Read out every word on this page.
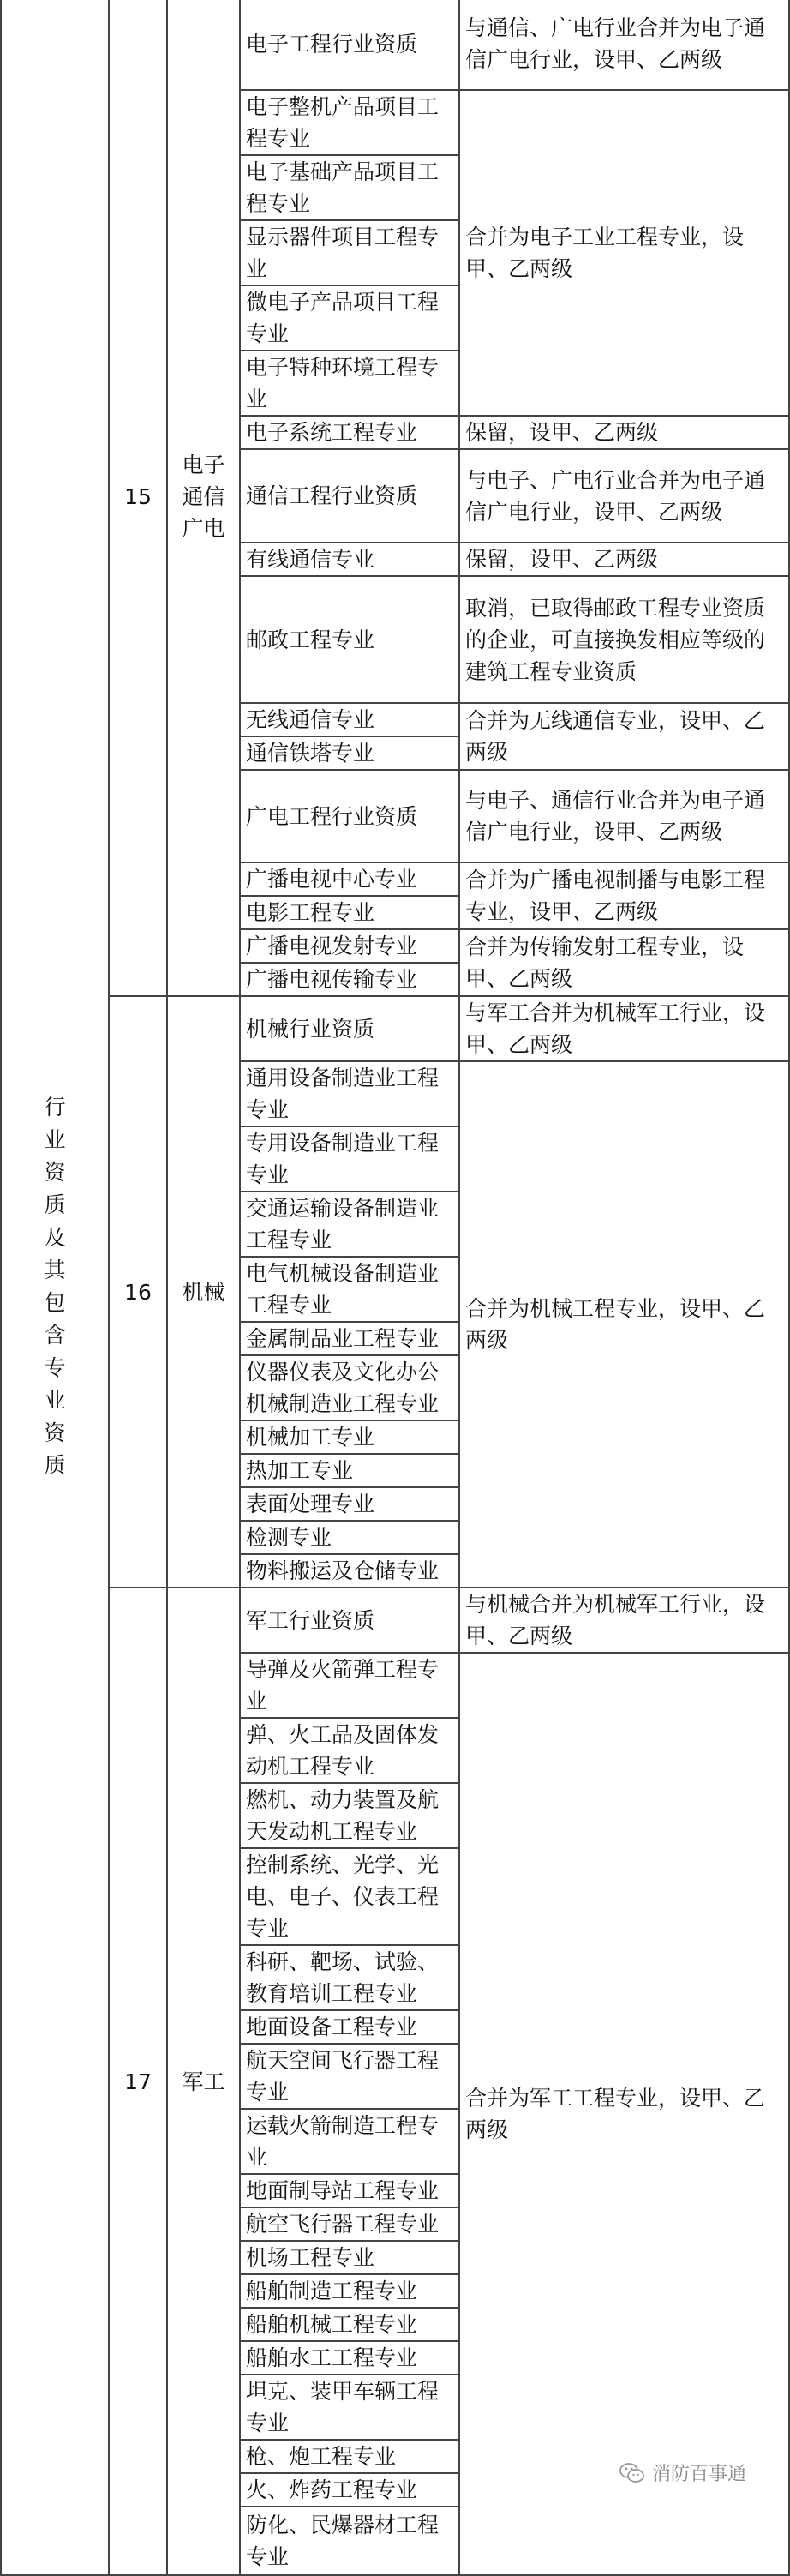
行业资质及其包含专业资质	15	电子通信广电	电子工程行业资质	与通信、广电行业合并为电子通信广电行业，设甲、乙两级
			电子整机产品项目工程专业	合并为电子工业工程专业，设甲、乙两级
			电子基础产品项目工程专业	
			显示器件项目工程专业	
			微电子产品项目工程专业	
			电子特种环境工程专业	
			电子系统工程专业	保留，设甲、乙两级
			通信工程行业资质	与电子、广电行业合并为电子通信广电行业，设甲、乙两级
			有线通信专业	保留，设甲、乙两级
			邮政工程专业	取消，已取得邮政工程专业资质的企业，可直接换发相应等级的建筑工程专业资质
			无线通信专业	合并为无线通信专业，设甲、乙两级
			通信铁塔专业	
			广电工程行业资质	与电子、通信行业合并为电子通信广电行业，设甲、乙两级
			广播电视中心专业	合并为广播电视制播与电影工程专业，设甲、乙两级
			电影工程专业	
			广播电视发射专业	合并为传输发射工程专业，设甲、乙两级
			广播电视传输专业	
	16	机械	机械行业资质	与军工合并为机械军工行业，设甲、乙两级
			通用设备制造业工程专业	合并为机械工程专业，设甲、乙两级
			专用设备制造业工程专业	
			交通运输设备制造业工程专业	
			电气机械设备制造业工程专业	
			金属制品业工程专业	
			仪器仪表及文化办公机械制造业工程专业	
			机械加工专业	
			热加工专业	
			表面处理专业	
			检测专业	
			物料搬运及仓储专业	
	17	军工	军工行业资质	与机械合并为机械军工行业，设甲、乙两级
			导弹及火箭弹工程专业	合并为军工工程专业，设甲、乙两级
			弹、火工品及固体发动机工程专业	
			燃机、动力装置及航天发动机工程专业	
			控制系统、光学、光电、电子、仪表工程专业	
			科研、靶场、试验、教育培训工程专业	
			地面设备工程专业	
			航天空间飞行器工程专业	
			运载火箭制造工程专业	
			地面制导站工程专业	
			航空飞行器工程专业	
			机场工程专业	
			船舶制造工程专业	
			船舶机械工程专业	
			船舶水工工程专业	
			坦克、装甲车辆工程专业	
			枪、炮工程专业	
			火、炸药工程专业	
			防化、民爆器材工程专业	
消防百事通
